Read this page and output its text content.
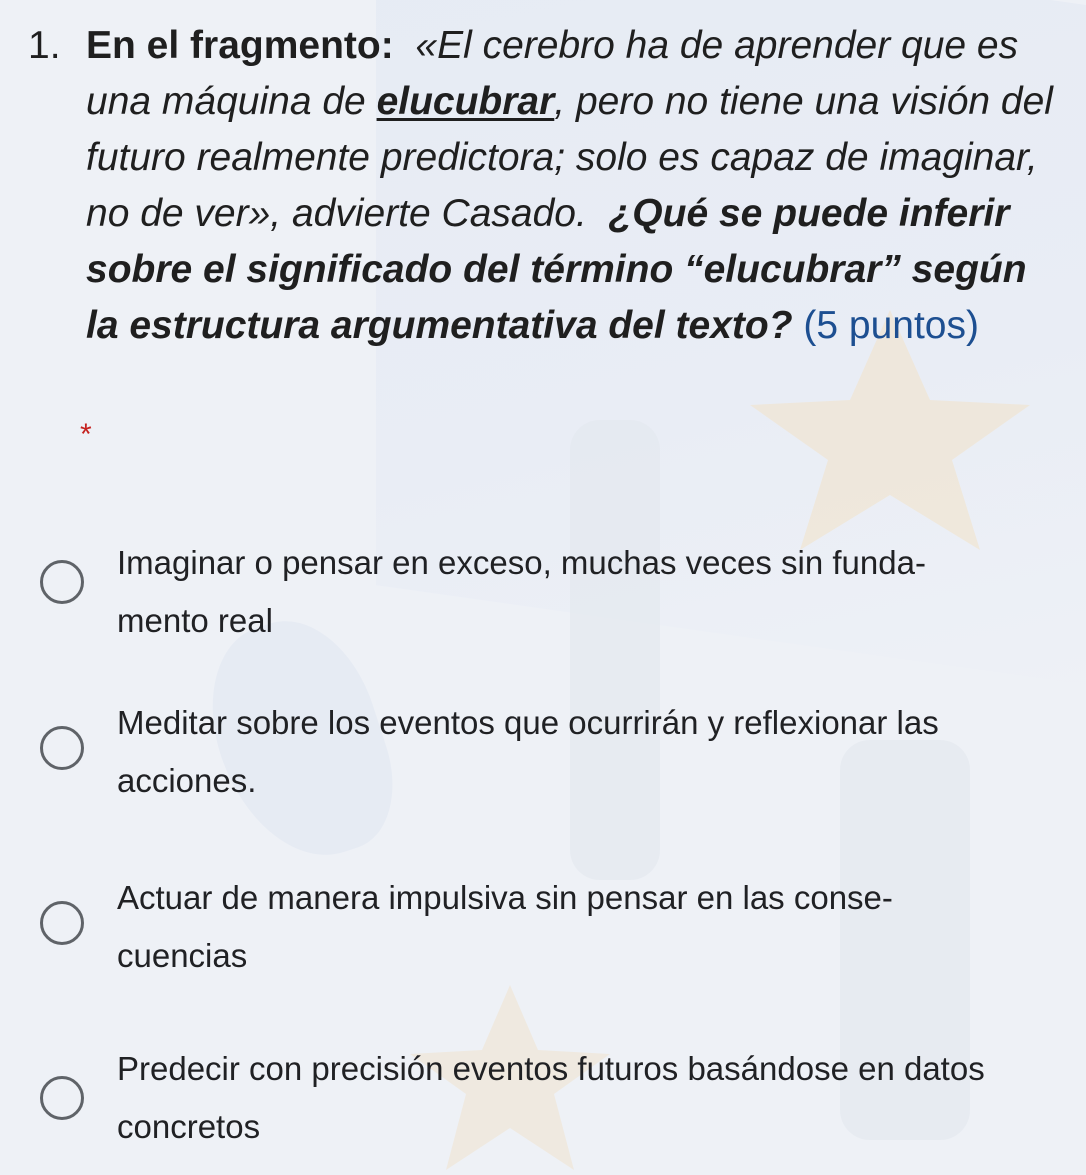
1. En el fragmento: «El cerebro ha de aprender que es una máquina de elucubrar, pero no tiene una visión del futuro realmente predictora; solo es capaz de imaginar, no de ver», advierte Casado. ¿Qué se puede inferir sobre el significado del término “elucubrar” según la estructura argumentativa del texto? (5 puntos)
*
Imaginar o pensar en exceso, muchas veces sin funda-mento real
Meditar sobre los eventos que ocurrirán y reflexionar las acciones.
Actuar de manera impulsiva sin pensar en las conse-cuencias
Predecir con precisión eventos futuros basándose en datos concretos
